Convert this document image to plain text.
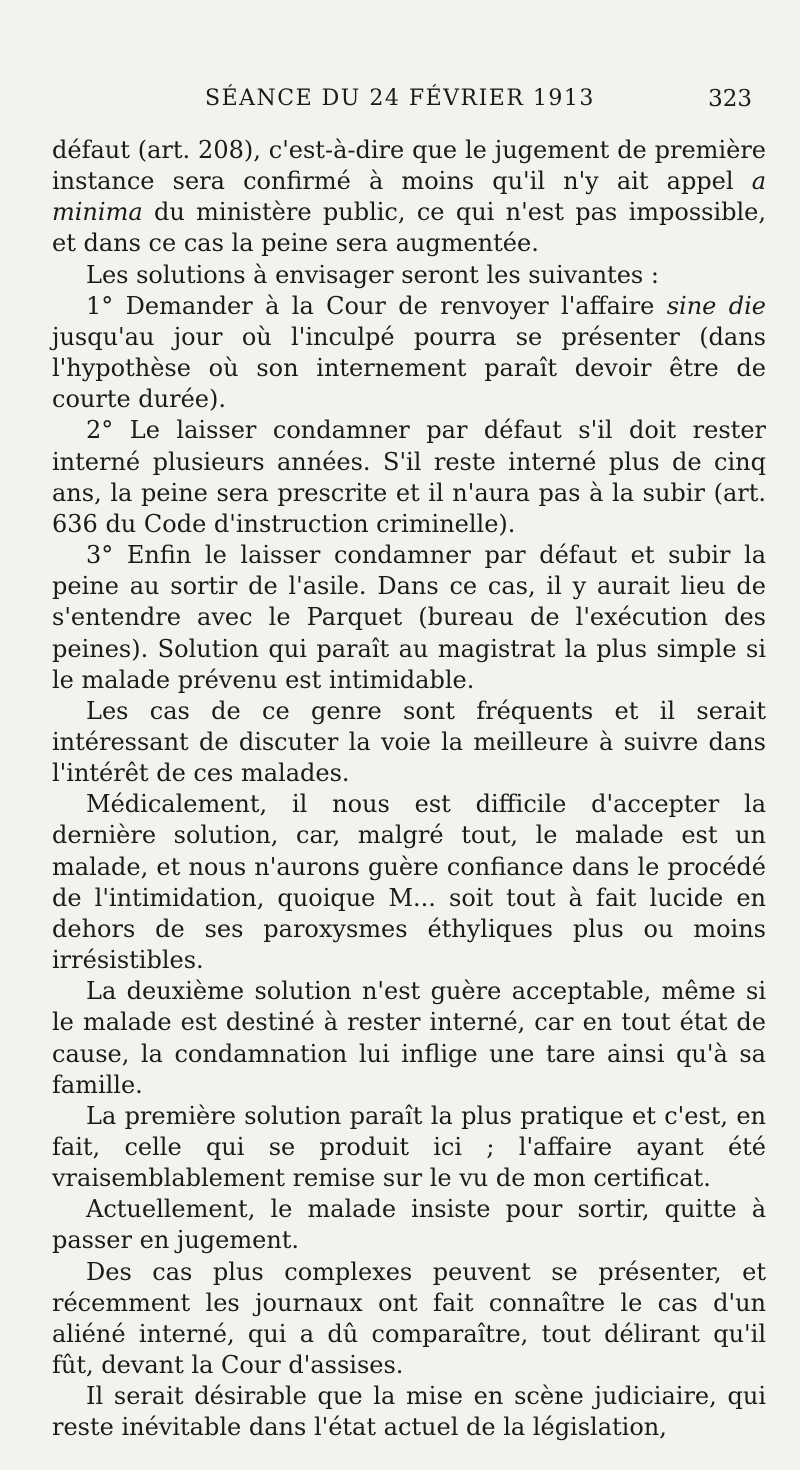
SÉANCE DU 24 FÉVRIER 1913	323

défaut (art. 208), c'est-à-dire que le jugement de première instance sera confirmé à moins qu'il n'y ait appel a minima du ministère public, ce qui n'est pas impossible, et dans ce cas la peine sera augmentée.

Les solutions à envisager seront les suivantes :

1° Demander à la Cour de renvoyer l'affaire sine die jusqu'au jour où l'inculpé pourra se présenter (dans l'hypothèse où son internement paraît devoir être de courte durée).

2° Le laisser condamner par défaut s'il doit rester interné plusieurs années. S'il reste interné plus de cinq ans, la peine sera prescrite et il n'aura pas à la subir (art. 636 du Code d'instruction criminelle).

3° Enfin le laisser condamner par défaut et subir la peine au sortir de l'asile. Dans ce cas, il y aurait lieu de s'entendre avec le Parquet (bureau de l'exécution des peines). Solution qui paraît au magistrat la plus simple si le malade prévenu est intimidable.

Les cas de ce genre sont fréquents et il serait intéressant de discuter la voie la meilleure à suivre dans l'intérêt de ces malades.

Médicalement, il nous est difficile d'accepter la dernière solution, car, malgré tout, le malade est un malade, et nous n'aurons guère confiance dans le procédé de l'intimidation, quoique M... soit tout à fait lucide en dehors de ses paroxysmes éthyliques plus ou moins irrésistibles.

La deuxième solution n'est guère acceptable, même si le malade est destiné à rester interné, car en tout état de cause, la condamnation lui inflige une tare ainsi qu'à sa famille.

La première solution paraît la plus pratique et c'est, en fait, celle qui se produit ici ; l'affaire ayant été vraisemblablement remise sur le vu de mon certificat.

Actuellement, le malade insiste pour sortir, quitte à passer en jugement.

Des cas plus complexes peuvent se présenter, et récemment les journaux ont fait connaître le cas d'un aliéné interné, qui a dû comparaître, tout délirant qu'il fût, devant la Cour d'assises.

Il serait désirable que la mise en scène judiciaire, qui reste inévitable dans l'état actuel de la législation,
